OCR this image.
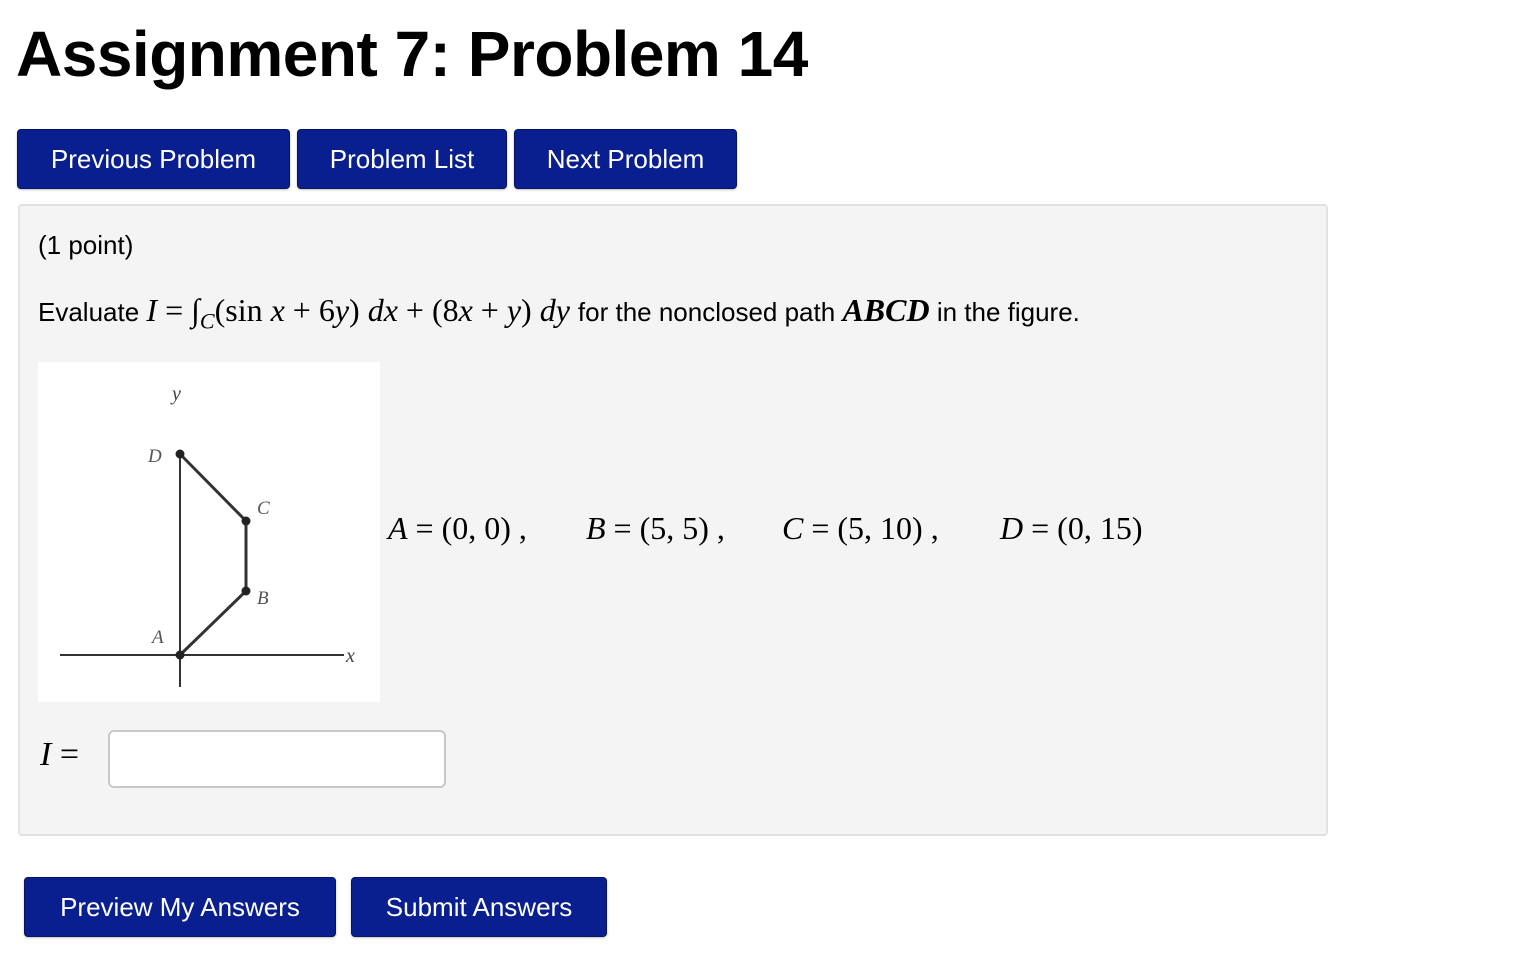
Assignment 7: Problem 14
Previous Problem	Problem List	Next Problem
(1 point)
Evaluate $I = \int_C(\sin$ x + 6y) dx + (8x + y) dy for the nonclosed path ABCD in the figure.
y
x
A
B
C
D
A = (0, 0) , B = (5, 5) , C = (5, 10) , D = (0, 15)
I =
Preview My Answers	Submit Answers
